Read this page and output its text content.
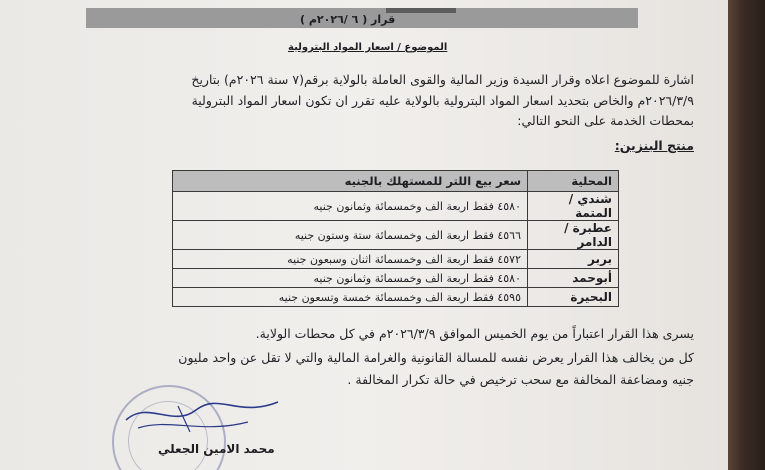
قرار ( ٦ /٢٠٢٦م )
الموضوع / اسعار المواد البترولية
اشارة للموضوع اعلاه وقرار السيدة وزير المالية والقوى العاملة بالولاية برقم(٧ سنة ٢٠٢٦م) بتاريخ
٢٠٢٦/٣/٩م والخاص بتحديد اسعار المواد البترولية بالولاية عليه تقرر ان تكون اسعار المواد البترولية
بمحطات الخدمة على النحو التالي:
منتج البنزين:
المحلية	سعر بيع اللتر للمستهلك بالجنيه
شندي / المتمة	٤٥٨٠ فقط اربعة الف وخمسمائة وثمانون جنيه
عطبرة / الدامر	٤٥٦٦ فقط اربعة الف وخمسمائة ستة وستون جنيه
بربر	٤٥٧٢ فقط اربعة الف وخمسمائة اثنان وسبعون جنيه
أبوحمد	٤٥٨٠ فقط اربعة الف وخمسمائة وثمانون جنيه
البحيرة	٤٥٩٥ فقط اربعة الف وخمسمائة خمسة وتسعون جنيه
يسرى هذا القرار اعتباراً من يوم الخميس الموافق ٢٠٢٦/٣/٩م في كل محطات الولاية.
كل من يخالف هذا القرار يعرض نفسه للمسالة القانونية والغرامة المالية والتي لا تقل عن واحد مليون
جنيه ومضاعفة المخالفة مع سحب ترخيص في حالة تكرار المخالفة .
محمد الامين الجعلي
